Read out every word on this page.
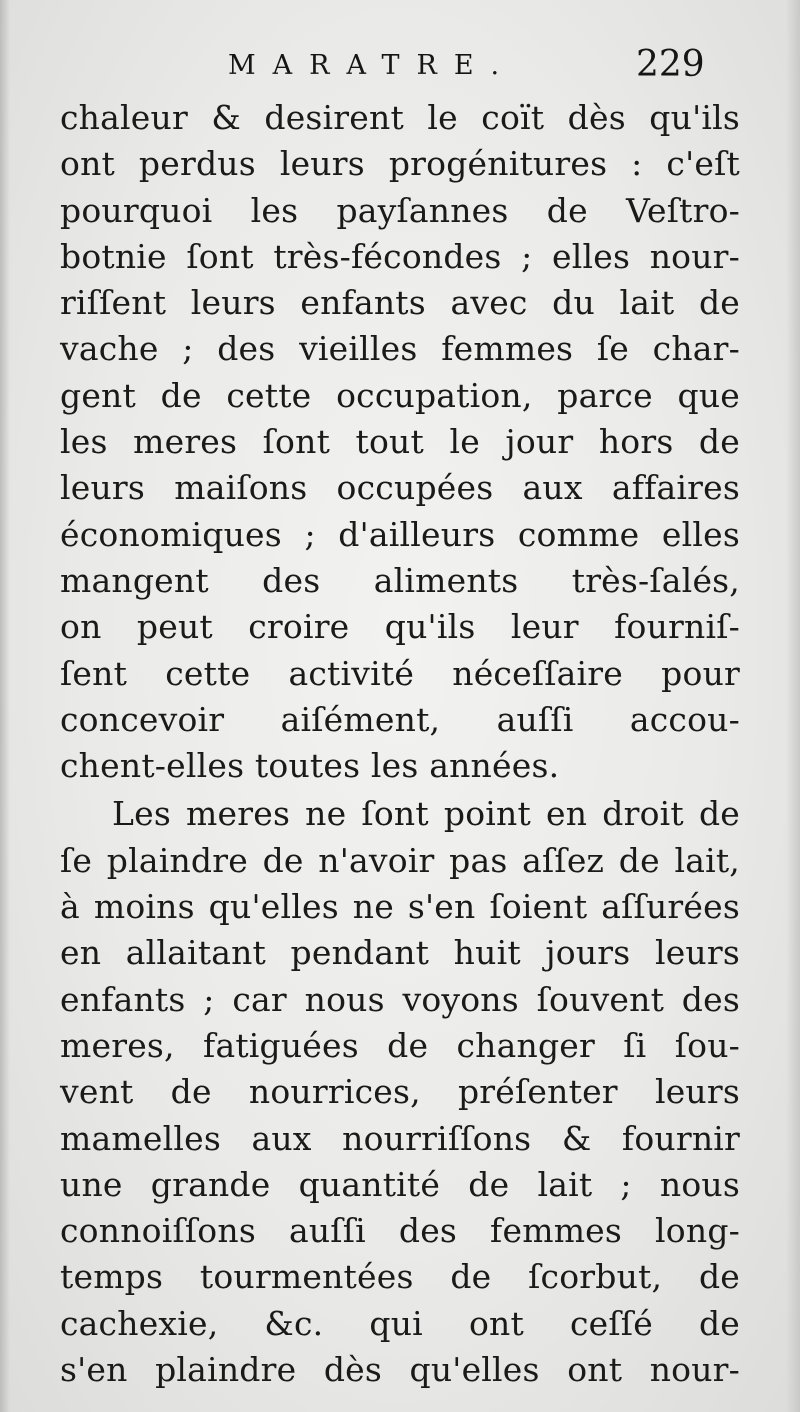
MARATRE.	229
chaleur & desirent le coït dès qu'ils
ont perdus leurs progénitures : c'eſt
pourquoi les payſannes de Veſtro-
botnie ſont très-fécondes ; elles nour-
riſſent leurs enfants avec du lait de
vache ; des vieilles femmes ſe char-
gent de cette occupation, parce que
les meres ſont tout le jour hors de
leurs maiſons occupées aux affaires
économiques ; d'ailleurs comme elles
mangent des aliments très-ſalés,
on peut croire qu'ils leur fourniſ-
ſent cette activité néceſſaire pour
concevoir aiſément, auſſi accou-
chent-elles toutes les années.
Les meres ne ſont point en droit de
ſe plaindre de n'avoir pas aſſez de lait,
à moins qu'elles ne s'en ſoient aſſurées
en allaitant pendant huit jours leurs
enfants ; car nous voyons ſouvent des
meres, fatiguées de changer ſi ſou-
vent de nourrices, préſenter leurs
mamelles aux nourriſſons & fournir
une grande quantité de lait ; nous
connoiſſons auſſi des femmes long-
temps tourmentées de ſcorbut, de
cachexie, &c. qui ont ceſſé de
s'en plaindre dès qu'elles ont nour-
